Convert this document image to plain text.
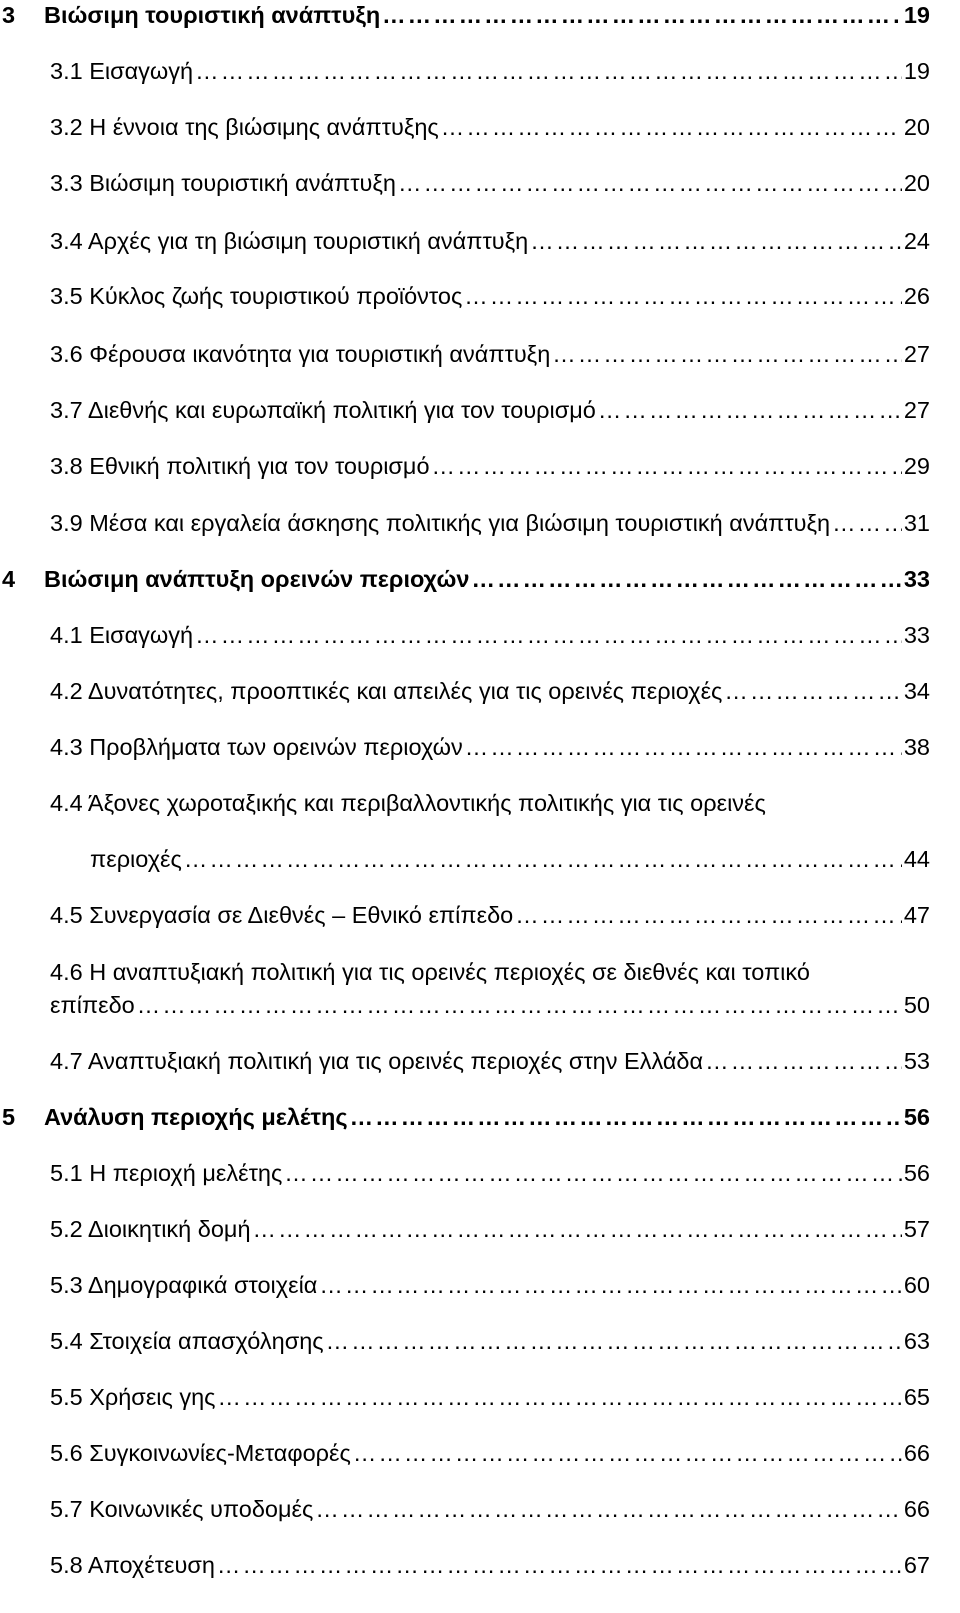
3 Βιώσιμη τουριστική ανάπτυξη …………………………………………………………………………………………………………………………………………………………………………………………………………	19
3.1 Εισαγωγή …………………………………………………………………………………………………………………………………………………………………………………………………………	19
3.2 Η έννοια της βιώσιμης ανάπτυξης …………………………………………………………………………………………………………………………………………………………………………………………………………	20
3.3 Βιώσιμη τουριστική ανάπτυξη …………………………………………………………………………………………………………………………………………………………………………………………………………	20
3.4 Αρχές για τη βιώσιμη τουριστική ανάπτυξη …………………………………………………………………………………………………………………………………………………………………………………………………………	24
3.5 Κύκλος ζωής τουριστικού προϊόντος …………………………………………………………………………………………………………………………………………………………………………………………………………	26
3.6 Φέρουσα ικανότητα για τουριστική ανάπτυξη …………………………………………………………………………………………………………………………………………………………………………………………………………	27
3.7 Διεθνής και ευρωπαϊκή πολιτική για τον τουρισμό …………………………………………………………………………………………………………………………………………………………………………………………………………	27
3.8 Εθνική πολιτική για τον τουρισμό …………………………………………………………………………………………………………………………………………………………………………………………………………	29
3.9 Μέσα και εργαλεία άσκησης πολιτικής για βιώσιμη τουριστική ανάπτυξη …………………………………………………………………………………………………………………………………………………………………………………………………………	31
4 Βιώσιμη ανάπτυξη ορεινών περιοχών …………………………………………………………………………………………………………………………………………………………………………………………………………	33
4.1 Εισαγωγή …………………………………………………………………………………………………………………………………………………………………………………………………………	33
4.2 Δυνατότητες, προοπτικές και απειλές για τις ορεινές περιοχές …………………………………………………………………………………………………………………………………………………………………………………………………………	34
4.3 Προβλήματα των ορεινών περιοχών …………………………………………………………………………………………………………………………………………………………………………………………………………	38
4.4 Άξονες χωροταξικής και περιβαλλοντικής πολιτικής για τις ορεινές
περιοχές …………………………………………………………………………………………………………………………………………………………………………………………………………	44
4.5 Συνεργασία σε Διεθνές – Εθνικό επίπεδο …………………………………………………………………………………………………………………………………………………………………………………………………………	47
4.6 Η αναπτυξιακή πολιτική για τις ορεινές περιοχές σε διεθνές και τοπικό
επίπεδο …………………………………………………………………………………………………………………………………………………………………………………………………………	50
4.7 Αναπτυξιακή πολιτική για τις ορεινές περιοχές στην Ελλάδα …………………………………………………………………………………………………………………………………………………………………………………………………………	53
5 Ανάλυση περιοχής μελέτης …………………………………………………………………………………………………………………………………………………………………………………………………………	56
5.1 Η περιοχή μελέτης …………………………………………………………………………………………………………………………………………………………………………………………………………	56
5.2 Διοικητική δομή …………………………………………………………………………………………………………………………………………………………………………………………………………	57
5.3 Δημογραφικά στοιχεία …………………………………………………………………………………………………………………………………………………………………………………………………………	60
5.4 Στοιχεία απασχόλησης …………………………………………………………………………………………………………………………………………………………………………………………………………	63
5.5 Χρήσεις γης …………………………………………………………………………………………………………………………………………………………………………………………………………	65
5.6 Συγκοινωνίες-Μεταφορές …………………………………………………………………………………………………………………………………………………………………………………………………………	66
5.7 Κοινωνικές υποδομές …………………………………………………………………………………………………………………………………………………………………………………………………………	66
5.8 Αποχέτευση …………………………………………………………………………………………………………………………………………………………………………………………………………	67
